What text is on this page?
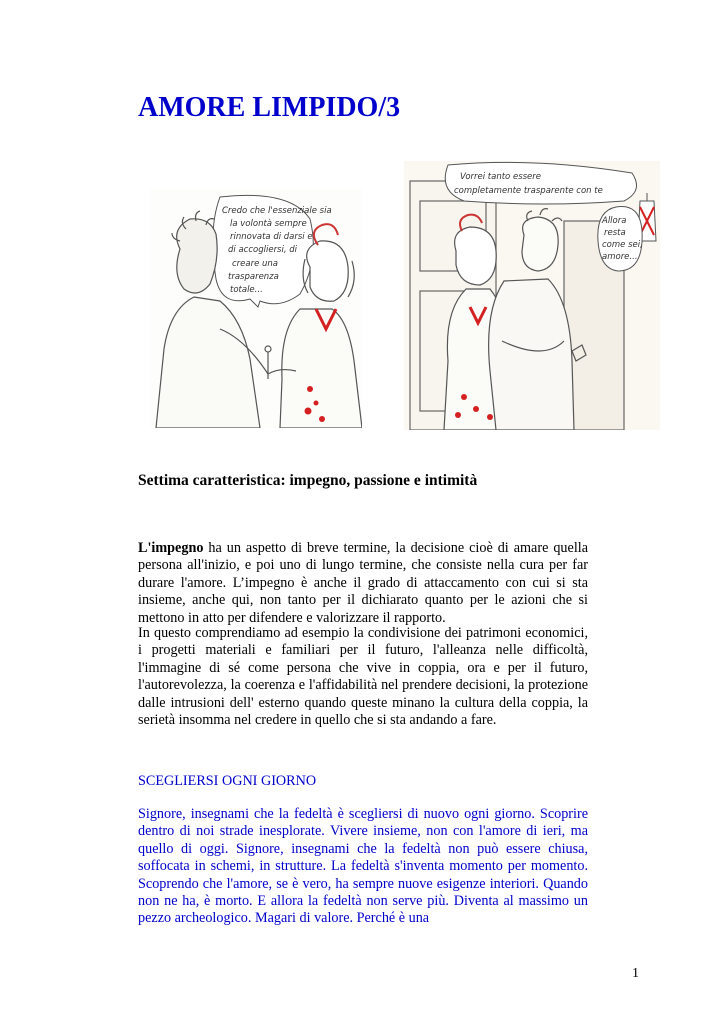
AMORE LIMPIDO/3
Credo che l'essenziale sia
la volontà sempre
rinnovata di darsi e
di accogliersi, di
creare una
trasparenza
totale...
Vorrei tanto essere
completamente trasparente con te
Allora
resta
come sei,
amore...
Settima caratteristica: impegno, passione e intimità

L'impegno ha un aspetto di breve termine, la decisione cioè di amare quella persona all'inizio, e poi uno di lungo termine, che consiste nella cura per far durare l'amore. L’impegno è anche il grado di attaccamento con cui si sta insieme, anche qui, non tanto per il dichiarato quanto per le azioni che si mettono in atto per difendere e valorizzare il rapporto.

In questo comprendiamo ad esempio la condivisione dei patrimoni economici, i progetti materiali e familiari per il futuro, l'alleanza nelle difficoltà, l'immagine di sé come persona che vive in coppia, ora e per il futuro, l'autorevolezza, la coerenza e l'affidabilità nel prendere decisioni, la protezione dalle intrusioni dell' esterno quando queste minano la cultura della coppia, la serietà insomma nel credere in quello che si sta andando a fare.

SCEGLIERSI OGNI GIORNO

Signore, insegnami che la fedeltà è scegliersi di nuovo ogni giorno. Scoprire dentro di noi strade inesplorate. Vivere insieme, non con l'amore di ieri, ma quello di oggi. Signore, insegnami che la fedeltà non può essere chiusa, soffocata in schemi, in strutture. La fedeltà s'inventa momento per momento. Scoprendo che l'amore, se è vero, ha sempre nuove esigenze interiori. Quando non ne ha, è morto. E allora la fedeltà non serve più. Diventa al massimo un pezzo archeologico. Magari di valore. Perché è una

1
